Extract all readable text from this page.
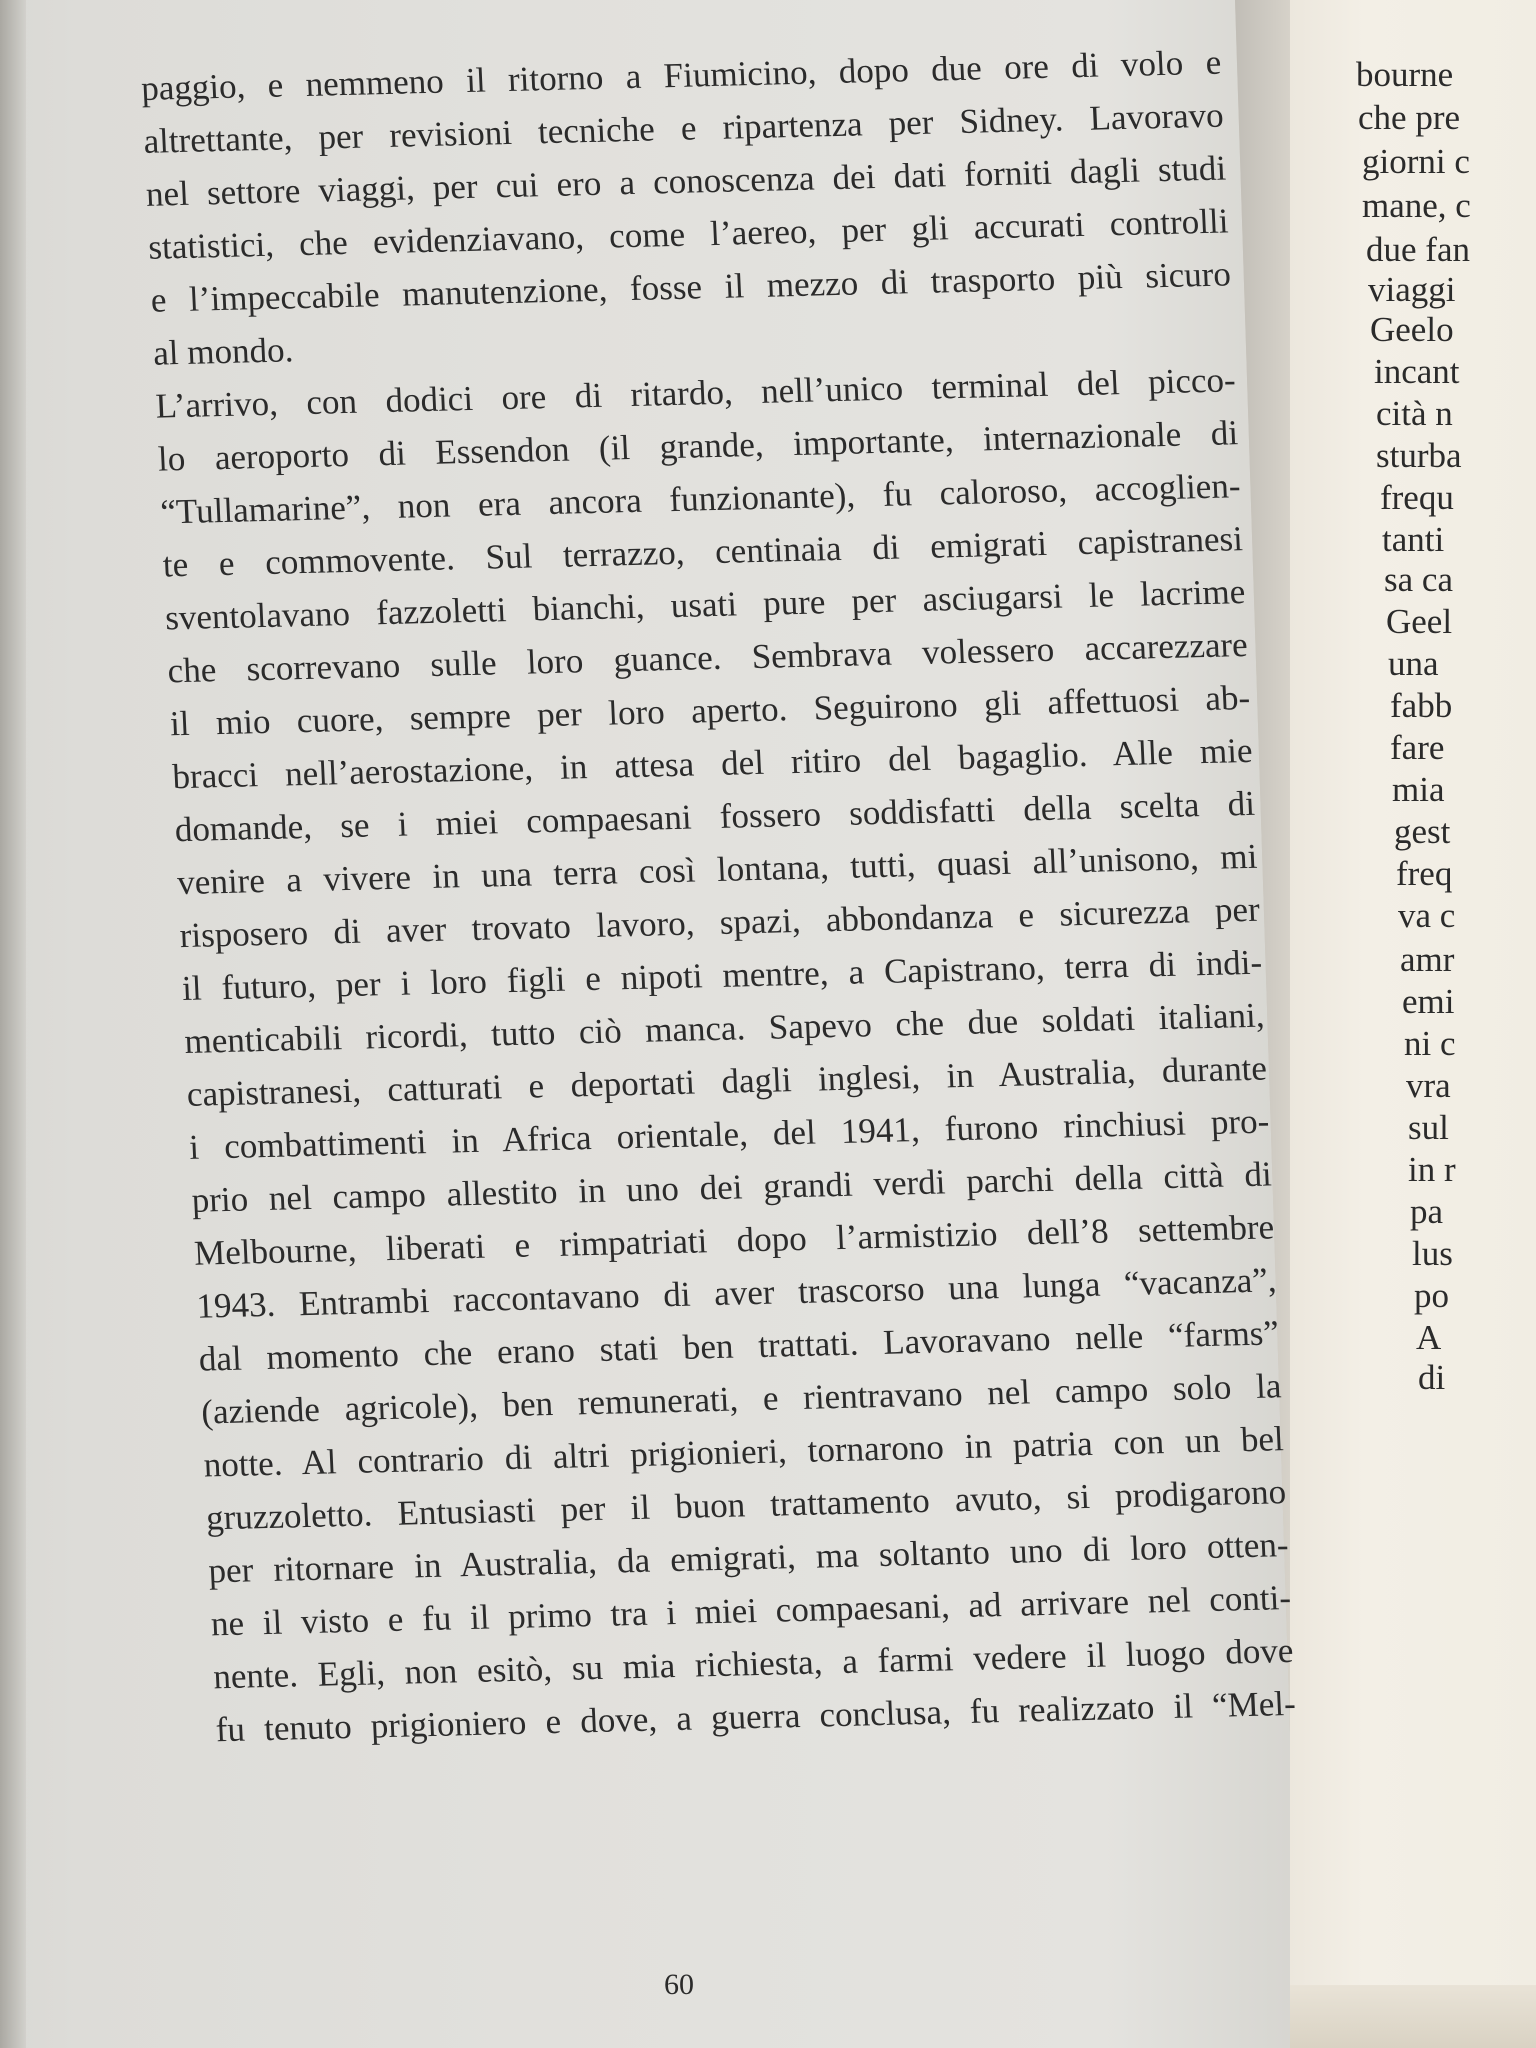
bourne
che pre
giorni c
mane, c
due fan
viaggi
Geelo
incant
cità n
sturba
frequ
tanti
sa ca
Geel
una
fabb
fare
mia
gest
freq
va c
amr
emi
ni c
vra
sul
in r
pa
lus
po
A
di
paggio, e nemmeno il ritorno a Fiumicino, dopo due ore di volo e
altrettante, per revisioni tecniche e ripartenza per Sidney. Lavoravo
nel settore viaggi, per cui ero a conoscenza dei dati forniti dagli studi
statistici, che evidenziavano, come l’aereo, per gli accurati controlli
e l’impeccabile manutenzione, fosse il mezzo di trasporto più sicuro
al mondo.
L’arrivo, con dodici ore di ritardo, nell’unico terminal del picco-
lo aeroporto di Essendon (il grande, importante, internazionale di
“Tullamarine”, non era ancora funzionante), fu caloroso, accoglien-
te e commovente. Sul terrazzo, centinaia di emigrati capistranesi
sventolavano fazzoletti bianchi, usati pure per asciugarsi le lacrime
che scorrevano sulle loro guance. Sembrava volessero accarezzare
il mio cuore, sempre per loro aperto. Seguirono gli affettuosi ab-
bracci nell’aerostazione, in attesa del ritiro del bagaglio. Alle mie
domande, se i miei compaesani fossero soddisfatti della scelta di
venire a vivere in una terra così lontana, tutti, quasi all’unisono, mi
risposero di aver trovato lavoro, spazi, abbondanza e sicurezza per
il futuro, per i loro figli e nipoti mentre, a Capistrano, terra di indi-
menticabili ricordi, tutto ciò manca. Sapevo che due soldati italiani,
capistranesi, catturati e deportati dagli inglesi, in Australia, durante
i combattimenti in Africa orientale, del 1941, furono rinchiusi pro-
prio nel campo allestito in uno dei grandi verdi parchi della città di
Melbourne, liberati e rimpatriati dopo l’armistizio dell’8 settembre
1943. Entrambi raccontavano di aver trascorso una lunga “vacanza”,
dal momento che erano stati ben trattati. Lavoravano nelle “farms”
(aziende agricole), ben remunerati, e rientravano nel campo solo la
notte. Al contrario di altri prigionieri, tornarono in patria con un bel
gruzzoletto. Entusiasti per il buon trattamento avuto, si prodigarono
per ritornare in Australia, da emigrati, ma soltanto uno di loro otten-
ne il visto e fu il primo tra i miei compaesani, ad arrivare nel conti-
nente. Egli, non esitò, su mia richiesta, a farmi vedere il luogo dove
fu tenuto prigioniero e dove, a guerra conclusa, fu realizzato il “Mel-
60
